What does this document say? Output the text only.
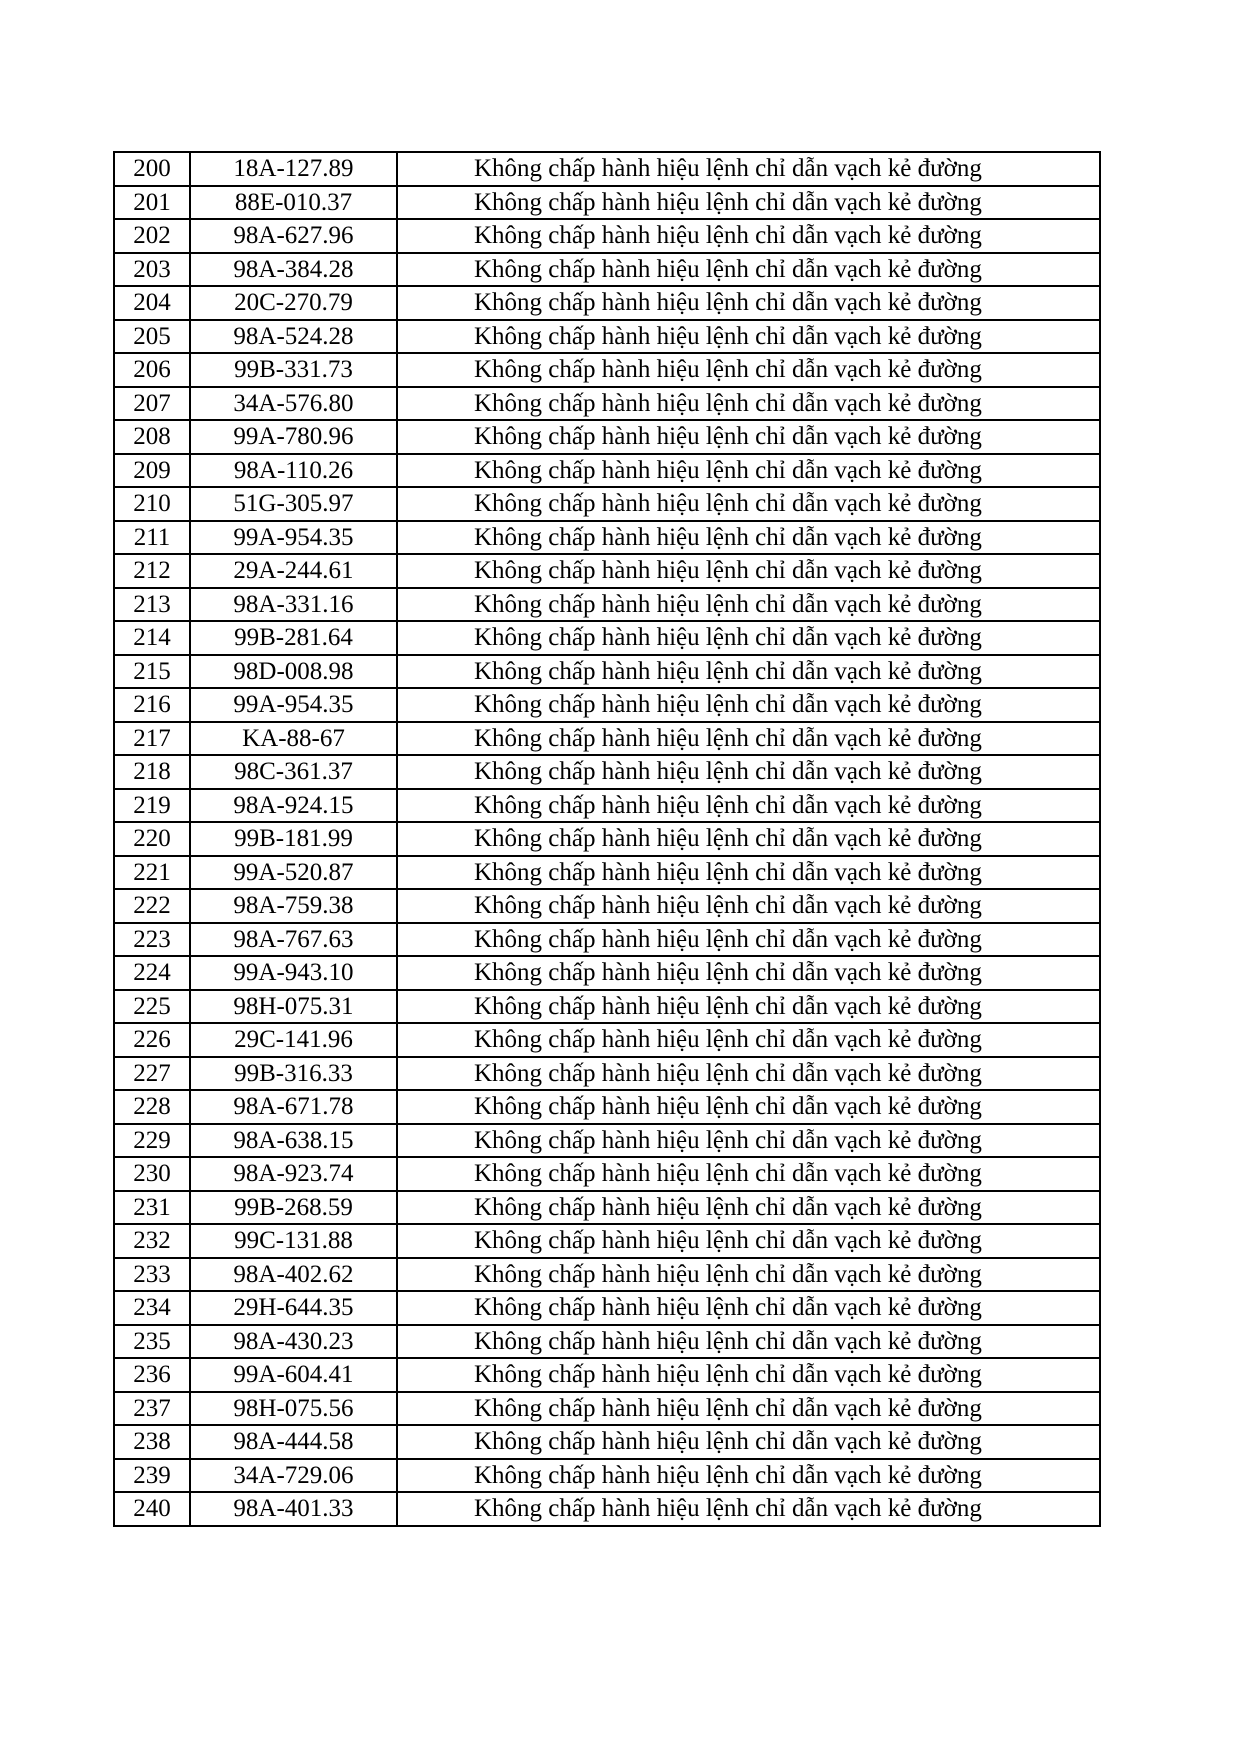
200	18A-127.89	Không chấp hành hiệu lệnh chỉ dẫn vạch kẻ đường
201	88E-010.37	Không chấp hành hiệu lệnh chỉ dẫn vạch kẻ đường
202	98A-627.96	Không chấp hành hiệu lệnh chỉ dẫn vạch kẻ đường
203	98A-384.28	Không chấp hành hiệu lệnh chỉ dẫn vạch kẻ đường
204	20C-270.79	Không chấp hành hiệu lệnh chỉ dẫn vạch kẻ đường
205	98A-524.28	Không chấp hành hiệu lệnh chỉ dẫn vạch kẻ đường
206	99B-331.73	Không chấp hành hiệu lệnh chỉ dẫn vạch kẻ đường
207	34A-576.80	Không chấp hành hiệu lệnh chỉ dẫn vạch kẻ đường
208	99A-780.96	Không chấp hành hiệu lệnh chỉ dẫn vạch kẻ đường
209	98A-110.26	Không chấp hành hiệu lệnh chỉ dẫn vạch kẻ đường
210	51G-305.97	Không chấp hành hiệu lệnh chỉ dẫn vạch kẻ đường
211	99A-954.35	Không chấp hành hiệu lệnh chỉ dẫn vạch kẻ đường
212	29A-244.61	Không chấp hành hiệu lệnh chỉ dẫn vạch kẻ đường
213	98A-331.16	Không chấp hành hiệu lệnh chỉ dẫn vạch kẻ đường
214	99B-281.64	Không chấp hành hiệu lệnh chỉ dẫn vạch kẻ đường
215	98D-008.98	Không chấp hành hiệu lệnh chỉ dẫn vạch kẻ đường
216	99A-954.35	Không chấp hành hiệu lệnh chỉ dẫn vạch kẻ đường
217	KA-88-67	Không chấp hành hiệu lệnh chỉ dẫn vạch kẻ đường
218	98C-361.37	Không chấp hành hiệu lệnh chỉ dẫn vạch kẻ đường
219	98A-924.15	Không chấp hành hiệu lệnh chỉ dẫn vạch kẻ đường
220	99B-181.99	Không chấp hành hiệu lệnh chỉ dẫn vạch kẻ đường
221	99A-520.87	Không chấp hành hiệu lệnh chỉ dẫn vạch kẻ đường
222	98A-759.38	Không chấp hành hiệu lệnh chỉ dẫn vạch kẻ đường
223	98A-767.63	Không chấp hành hiệu lệnh chỉ dẫn vạch kẻ đường
224	99A-943.10	Không chấp hành hiệu lệnh chỉ dẫn vạch kẻ đường
225	98H-075.31	Không chấp hành hiệu lệnh chỉ dẫn vạch kẻ đường
226	29C-141.96	Không chấp hành hiệu lệnh chỉ dẫn vạch kẻ đường
227	99B-316.33	Không chấp hành hiệu lệnh chỉ dẫn vạch kẻ đường
228	98A-671.78	Không chấp hành hiệu lệnh chỉ dẫn vạch kẻ đường
229	98A-638.15	Không chấp hành hiệu lệnh chỉ dẫn vạch kẻ đường
230	98A-923.74	Không chấp hành hiệu lệnh chỉ dẫn vạch kẻ đường
231	99B-268.59	Không chấp hành hiệu lệnh chỉ dẫn vạch kẻ đường
232	99C-131.88	Không chấp hành hiệu lệnh chỉ dẫn vạch kẻ đường
233	98A-402.62	Không chấp hành hiệu lệnh chỉ dẫn vạch kẻ đường
234	29H-644.35	Không chấp hành hiệu lệnh chỉ dẫn vạch kẻ đường
235	98A-430.23	Không chấp hành hiệu lệnh chỉ dẫn vạch kẻ đường
236	99A-604.41	Không chấp hành hiệu lệnh chỉ dẫn vạch kẻ đường
237	98H-075.56	Không chấp hành hiệu lệnh chỉ dẫn vạch kẻ đường
238	98A-444.58	Không chấp hành hiệu lệnh chỉ dẫn vạch kẻ đường
239	34A-729.06	Không chấp hành hiệu lệnh chỉ dẫn vạch kẻ đường
240	98A-401.33	Không chấp hành hiệu lệnh chỉ dẫn vạch kẻ đường
